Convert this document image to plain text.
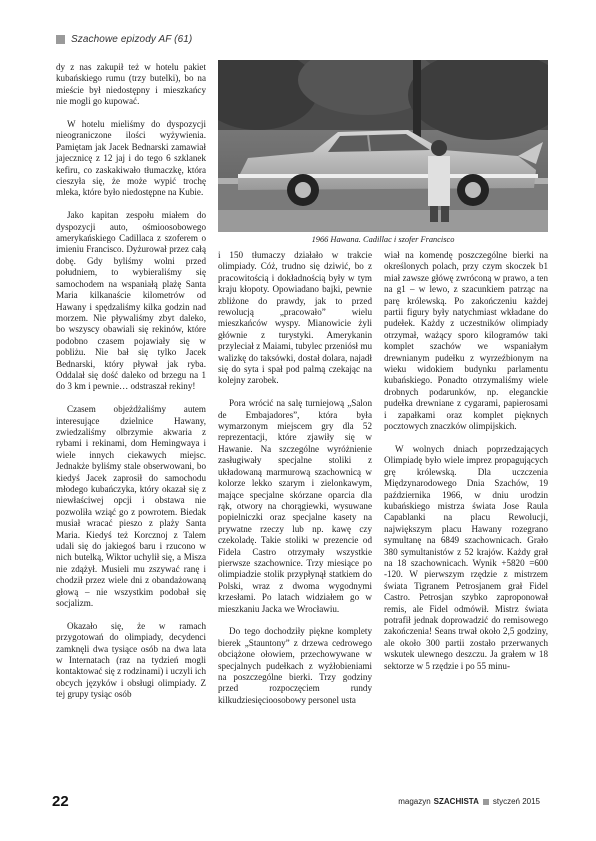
Szachowe epizody AF (61)
1966 Hawana. Cadillac i szofer Francisco

dy z nas zakupił też w hotelu pakiet kubańskiego rumu (trzy butelki), bo na mieście był niedostępny i mieszkańcy nie mogli go kupować.

W hotelu mieliśmy do dyspozycji nieograniczone ilości wyżywienia. Pamiętam jak Jacek Bednarski zamawiał jajecznicę z 12 jaj i do tego 6 szklanek kefiru, co zaskakiwało tłumaczkę, która cieszyła się, że może wypić trochę mleka, które było niedostępne na Kubie.

Jako kapitan zespołu miałem do dyspozycji auto, ośmioosobowego amerykańskiego Cadillaca z szoferem o imieniu Francisco. Dyżurował przez całą dobę. Gdy byliśmy wolni przed południem, to wybieraliśmy się samochodem na wspaniałą plażę Santa Maria kilkanaście kilometrów od Hawany i spędzaliśmy kilka godzin nad morzem. Nie pływaliśmy zbyt daleko, bo wszyscy obawiali się rekinów, które podobno czasem pojawiały się w pobliżu. Nie bał się tylko Jacek Bednarski, który pływał jak ryba. Oddalał się dość daleko od brzegu na 1 do 3 km i pewnie… odstraszał rekiny!

Czasem objeżdżaliśmy autem interesujące dzielnice Hawany, zwiedzaliśmy olbrzymie akwaria z rybami i rekinami, dom Hemingwaya i wiele innych ciekawych miejsc. Jednakże byliśmy stale obserwowani, bo kiedyś Jacek zaprosił do samochodu młodego kubańczyka, który okazał się z niewłaściwej opcji i obstawa nie pozwoliła wziąć go z powrotem. Biedak musiał wracać pieszo z plaży Santa Maria. Kiedyś też Korcznoj z Talem udali się do jakiegoś baru i rzucono w nich butelką, Wiktor uchylił się, a Misza nie zdążył. Musieli mu zszywać ranę i chodził przez wiele dni z obandażowaną głową – nie wszystkim podobał się socjalizm.

Okazało się, że w ramach przygotowań do olimpiady, decydenci zamknęli dwa tysiące osób na dwa lata w Internatach (raz na tydzień mogli kontaktować się z rodzinami) i uczyli ich obcych języków i obsługi olimpiady. Z tej grupy tysiąc osób

i 150 tłumaczy działało w trakcie olimpiady. Cóż, trudno się dziwić, bo z pracowitością i dokładnością były w tym kraju kłopoty. Opowiadano bajki, pewnie zbliżone do prawdy, jak to przed rewolucją „pracowało” wielu mieszkańców wyspy. Mianowicie żyli głównie z turystyki. Amerykanin przyleciał z Maiami, tubylec przeniósł mu walizkę do taksówki, dostał dolara, najadł się do syta i spał pod palmą czekając na kolejny zarobek.

Pora wrócić na salę turniejową „Salon de Embajadores”, która była wymarzonym miejscem gry dla 52 reprezentacji, które zjawiły się w Hawanie. Na szczególne wyróżnienie zasługiwały specjalne stoliki z układowaną marmurową szachownicą w kolorze lekko szarym i zielonkawym, mające specjalne skórzane oparcia dla rąk, otwory na chorągiewki, wysuwane popielniczki oraz specjalne kasety na prywatne rzeczy lub np. kawę czy czekoladę. Takie stoliki w prezencie od Fidela Castro otrzymały wszystkie pierwsze szachownice. Trzy miesiące po olimpiadzie stolik przypłynął statkiem do Polski, wraz z dwoma wygodnymi krzesłami. Po latach widziałem go w mieszkaniu Jacka we Wrocławiu.

Do tego dochodziły piękne komplety bierek „Stauntony” z drzewa cedrowego obciążone ołowiem, przechowywane w specjalnych pudełkach z wyżłobieniami na poszczególne bierki. Trzy godziny przed rozpoczęciem rundy kilkudziesięcioosobowy personel usta

wiał na komendę poszczególne bierki na określonych polach, przy czym skoczek b1 miał zawsze główę zwróconą w prawo, a ten na g1 – w lewo, z szacunkiem patrząc na parę królewską. Po zakończeniu każdej partii figury były natychmiast wkładane do pudełek. Każdy z uczestników olimpiady otrzymał, ważący sporo kilogramów taki komplet szachów we wspaniałym drewnianym pudełku z wyrzeźbionym na wieku widokiem budynku parlamentu kubańskiego. Ponadto otrzymaliśmy wiele drobnych podarunków, np. eleganckie pudełka drewniane z cygarami, papierosami i zapałkami oraz komplet pięknych pocztowych znaczków olimpijskich.

W wolnych dniach poprzedzających Olimpiadę było wiele imprez propagujących grę królewską. Dla uczczenia Międzynarodowego Dnia Szachów, 19 października 1966, w dniu urodzin kubańskiego mistrza świata Jose Raula Capablanki na placu Rewolucji, największym placu Hawany rozegrano symultanę na 6849 szachownicach. Grało 380 symultanistów z 52 krajów. Każdy grał na 18 szachownicach. Wynik +5820 =600 -120. W pierwszym rzędzie z mistrzem świata Tigranem Petrosjanem grał Fidel Castro. Petrosjan szybko zaproponował remis, ale Fidel odmówił. Mistrz świata potrafił jednak doprowadzić do remisowego zakończenia! Seans trwał około 2,5 godziny, ale około 300 partii zostało przerwanych wskutek ulewnego deszczu. Ja grałem w 18 sektorze w 5 rzędzie i po 55 minu-

22	magazyn SZACHISTA styczeń 2015
